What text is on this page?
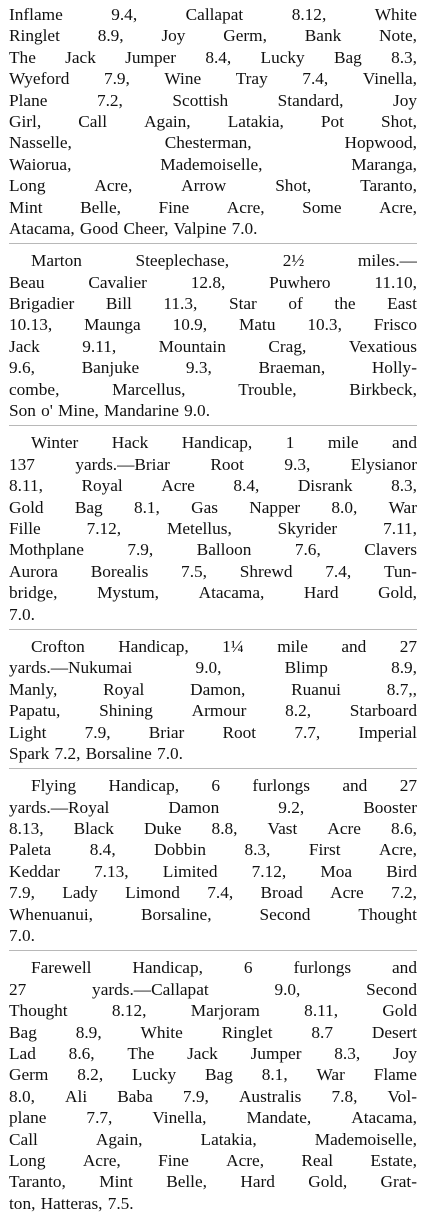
Inflame	9.4,	Callapat	8.12,	White
Ringlet 8.9, Joy Germ, Bank Note,
The Jack Jumper 8.4, Lucky Bag 8.3,
Wyeford 7.9, Wine Tray 7.4, Vinella,
Plane	7.2,	Scottish	Standard,	Joy
Girl, Call Again, Latakia, Pot Shot,
Nasselle,	Chesterman,	Hopwood,
Waiorua,	Mademoiselle,	Maranga,
Long	Acre,	Arrow	Shot,	Taranto,
Mint Belle, Fine Acre, Some Acre,
Atacama, Good Cheer, Valpine 7.0.
Marton	Steeplechase,	2½	miles.—
Beau	Cavalier	12.8,	Puwhero	11.10,
Brigadier Bill 11.3, Star of the East
10.13, Maunga 10.9, Matu 10.3, Frisco
Jack 9.11, Mountain Crag, Vexatious
9.6,	Banjuke	9.3,	Braeman,	Holly-
combe,	Marcellus,	Trouble,	Birkbeck,
Son o' Mine, Mandarine 9.0.
Winter Hack Handicap, 1 mile and
137 yards.—Briar Root 9.3, Elysianor
8.11, Royal Acre 8.4, Disrank 8.3,
Gold Bag 8.1, Gas Napper 8.0, War
Fille	7.12,	Metellus,	Skyrider	7.11,
Mothplane	7.9,	Balloon	7.6,	Clavers
Aurora Borealis 7.5, Shrewd 7.4, Tun-
bridge, Mystum, Atacama, Hard Gold,
7.0.
Crofton Handicap, 1¼ mile and 27
yards.—Nukumai	9.0,	Blimp	8.9,
Manly,	Royal	Damon,	Ruanui	8.7,,
Papatu, Shining Armour 8.2, Starboard
Light 7.9, Briar Root 7.7, Imperial
Spark 7.2, Borsaline 7.0.
Flying Handicap, 6 furlongs and 27
yards.—Royal	Damon	9.2,	Booster
8.13, Black Duke 8.8, Vast Acre 8.6,
Paleta 8.4, Dobbin 8.3, First Acre,
Keddar 7.13, Limited 7.12, Moa Bird
7.9, Lady Limond 7.4, Broad Acre 7.2,
Whenuanui,	Borsaline,	Second	Thought
7.0.
Farewell Handicap, 6 furlongs and
27	yards.—Callapat	9.0,	Second
Thought	8.12,	Marjoram	8.11,	Gold
Bag 8.9, White Ringlet 8.7 Desert
Lad 8.6, The Jack Jumper 8.3, Joy
Germ 8.2, Lucky Bag 8.1, War Flame
8.0, Ali Baba 7.9, Australis 7.8, Vol-
plane 7.7, Vinella, Mandate, Atacama,
Call	Again,	Latakia,	Mademoiselle,
Long Acre, Fine Acre, Real Estate,
Taranto, Mint Belle, Hard Gold, Grat-
ton, Hatteras, 7.5.
